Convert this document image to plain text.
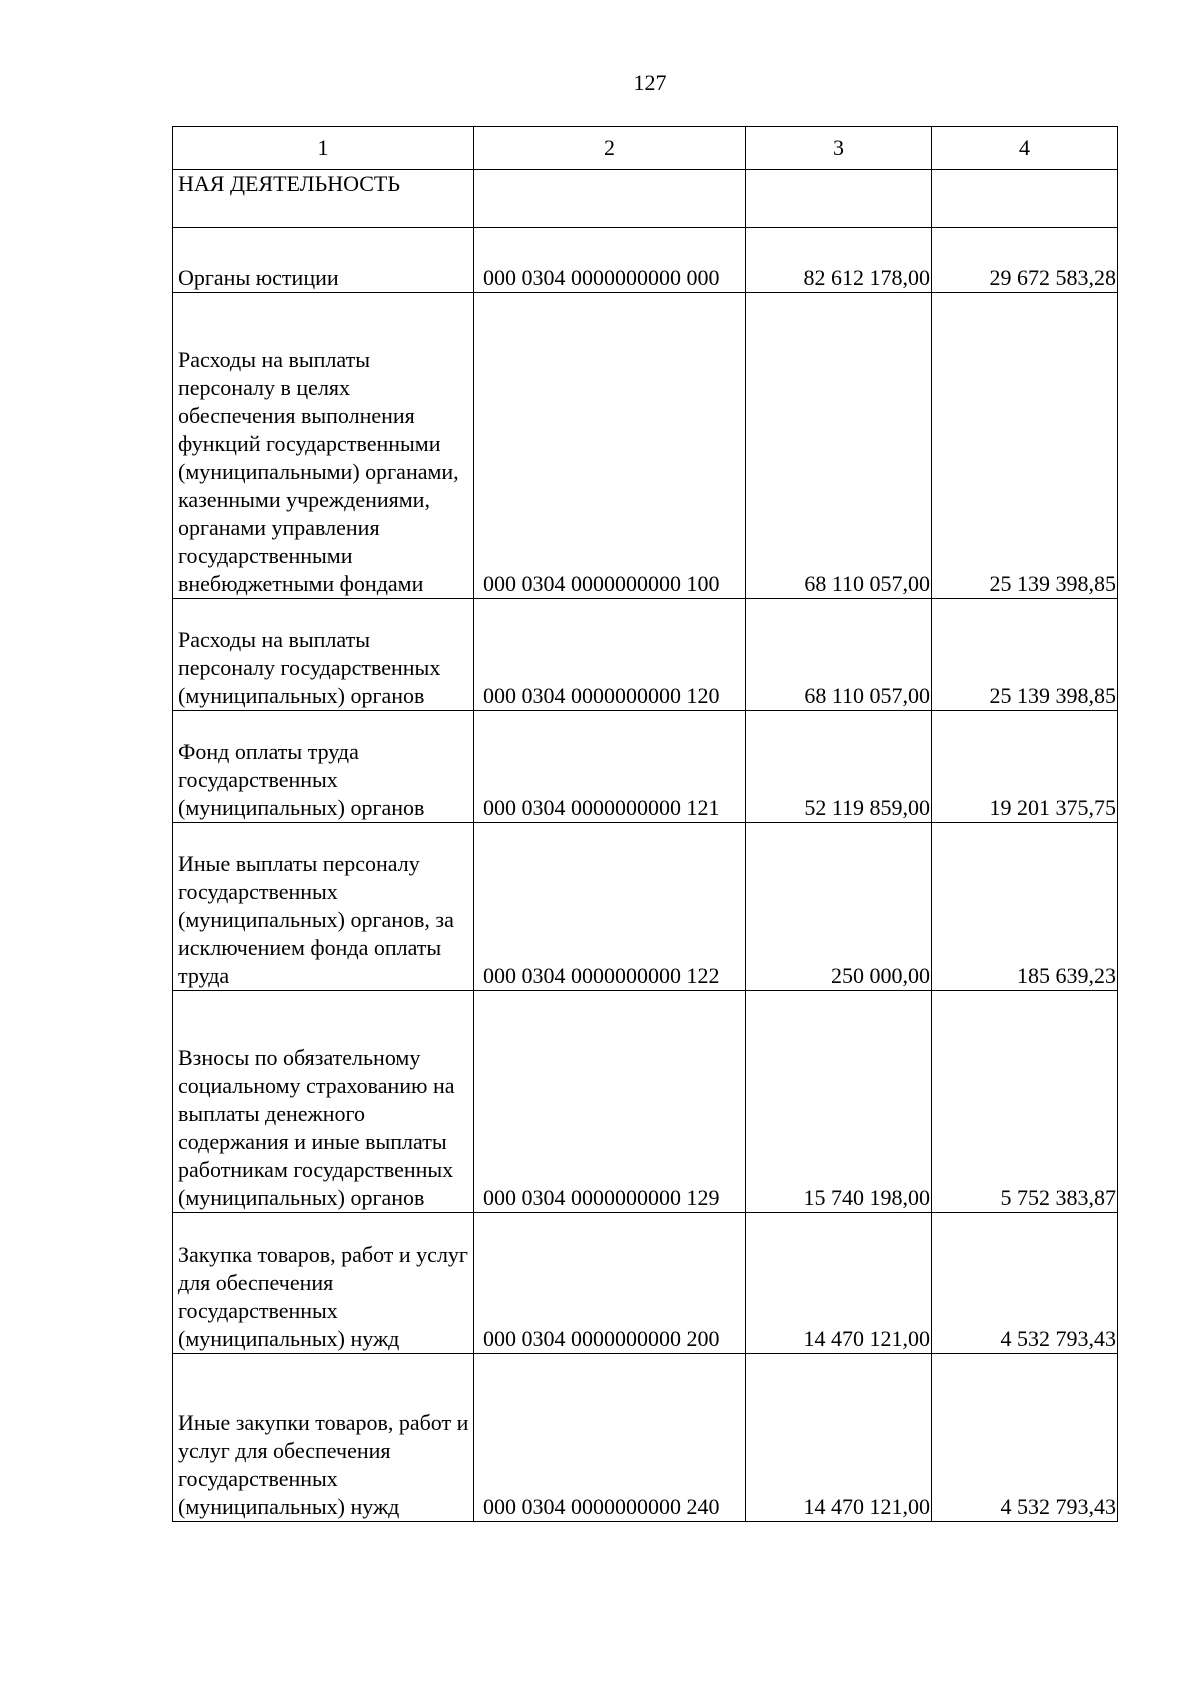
127
1	2	3	4
НАЯ ДЕЯТЕЛЬНОСТЬ			
Органы юстиции	000 0304 0000000000 000	82 612 178,00	29 672 583,28
Расходы на выплаты персоналу в целях обеспечения выполнения функций государственными (муниципальными) органами, казенными учреждениями, органами управления государственными внебюджетными фондами	000 0304 0000000000 100	68 110 057,00	25 139 398,85
Расходы на выплаты персоналу государственных (муниципальных) органов	000 0304 0000000000 120	68 110 057,00	25 139 398,85
Фонд оплаты труда государственных (муниципальных) органов	000 0304 0000000000 121	52 119 859,00	19 201 375,75
Иные выплаты персоналу государственных (муниципальных) органов, за исключением фонда оплаты труда	000 0304 0000000000 122	250 000,00	185 639,23
Взносы по обязательному социальному страхованию на выплаты денежного содержания и иные выплаты работникам государственных (муниципальных) органов	000 0304 0000000000 129	15 740 198,00	5 752 383,87
Закупка товаров, работ и услуг для обеспечения государственных (муниципальных) нужд	000 0304 0000000000 200	14 470 121,00	4 532 793,43
Иные закупки товаров, работ и услуг для обеспечения государственных (муниципальных) нужд	000 0304 0000000000 240	14 470 121,00	4 532 793,43
